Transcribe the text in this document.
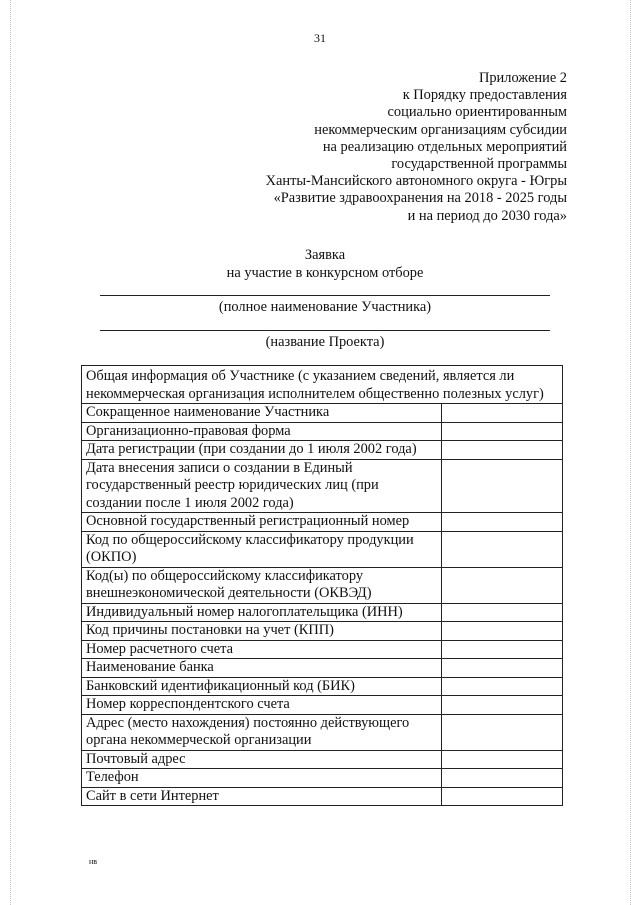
31
Приложение 2
к Порядку предоставления
социально ориентированным
некоммерческим организациям субсидии
на реализацию отдельных мероприятий
государственной программы
Ханты-Мансийского автономного округа - Югры
«Развитие здравоохранения на 2018 - 2025 годы
и на период до 2030 года»
Заявка
на участие в конкурсном отборе
(полное наименование Участника)
(название Проекта)
Общая информация об Участнике (с указанием сведений, является ли некоммерческая организация исполнителем общественно полезных услуг)	
Сокращенное наименование Участника	
Организационно-правовая форма	
Дата регистрации (при создании до 1 июля 2002 года)	
Дата внесения записи о создании в Единый государственный реестр юридических лиц (при создании после 1 июля 2002 года)	
Основной государственный регистрационный номер	
Код по общероссийскому классификатору продукции (ОКПО)	
Код(ы) по общероссийскому классификатору внешнеэкономической деятельности (ОКВЭД)	
Индивидуальный номер налогоплательщика (ИНН)	
Код причины постановки на учет (КПП)	
Номер расчетного счета	
Наименование банка	
Банковский идентификационный код (БИК)	
Номер корреспондентского счета	
Адрес (место нахождения) постоянно действующего органа некоммерческой организации	
Почтовый адрес	
Телефон	
Сайт в сети Интернет	
нв
